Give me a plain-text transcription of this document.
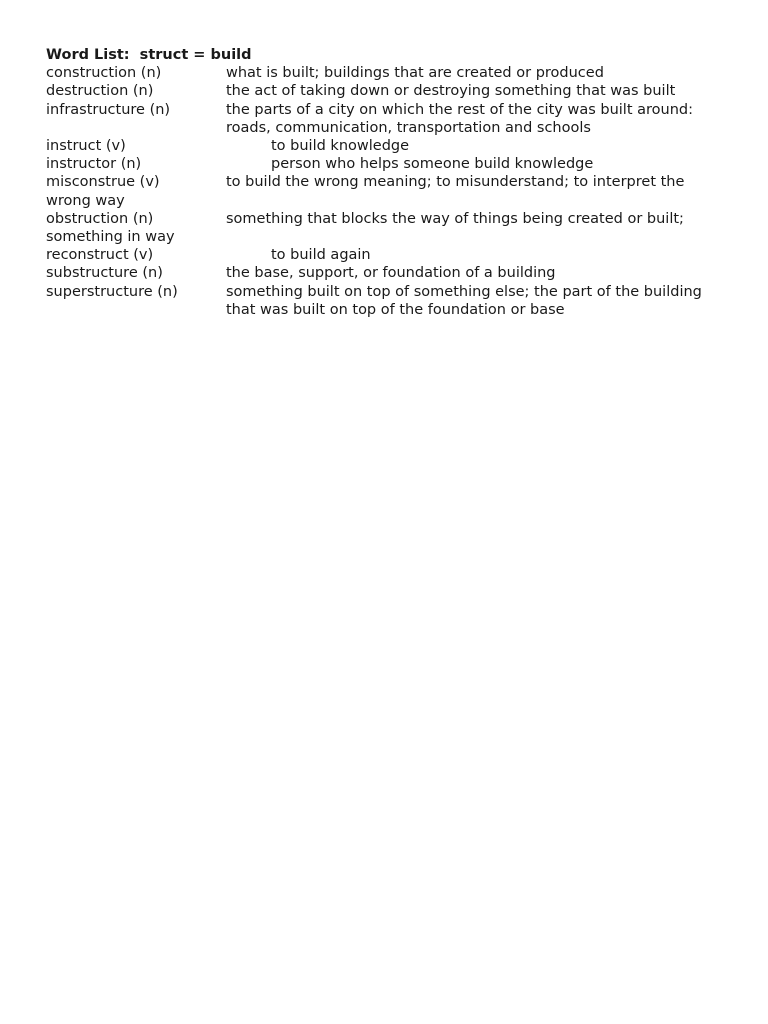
Word List:  struct = build
construction (n)	what is built; buildings that are created or produced
destruction (n)	the act of taking down or destroying something that was built
infrastructure (n)	the parts of a city on which the rest of the city was built around:
roads, communication, transportation and schools
instruct (v)	to build knowledge
instructor (n)	person who helps someone build knowledge
misconstrue (v)	to build the wrong meaning; to misunderstand; to interpret the
wrong way
obstruction (n)	something that blocks the way of things being created or built;
something in way
reconstruct (v)	to build again
substructure (n)	the base, support, or foundation of a building
superstructure (n)	something built on top of something else; the part of the building
that was built on top of the foundation or base
